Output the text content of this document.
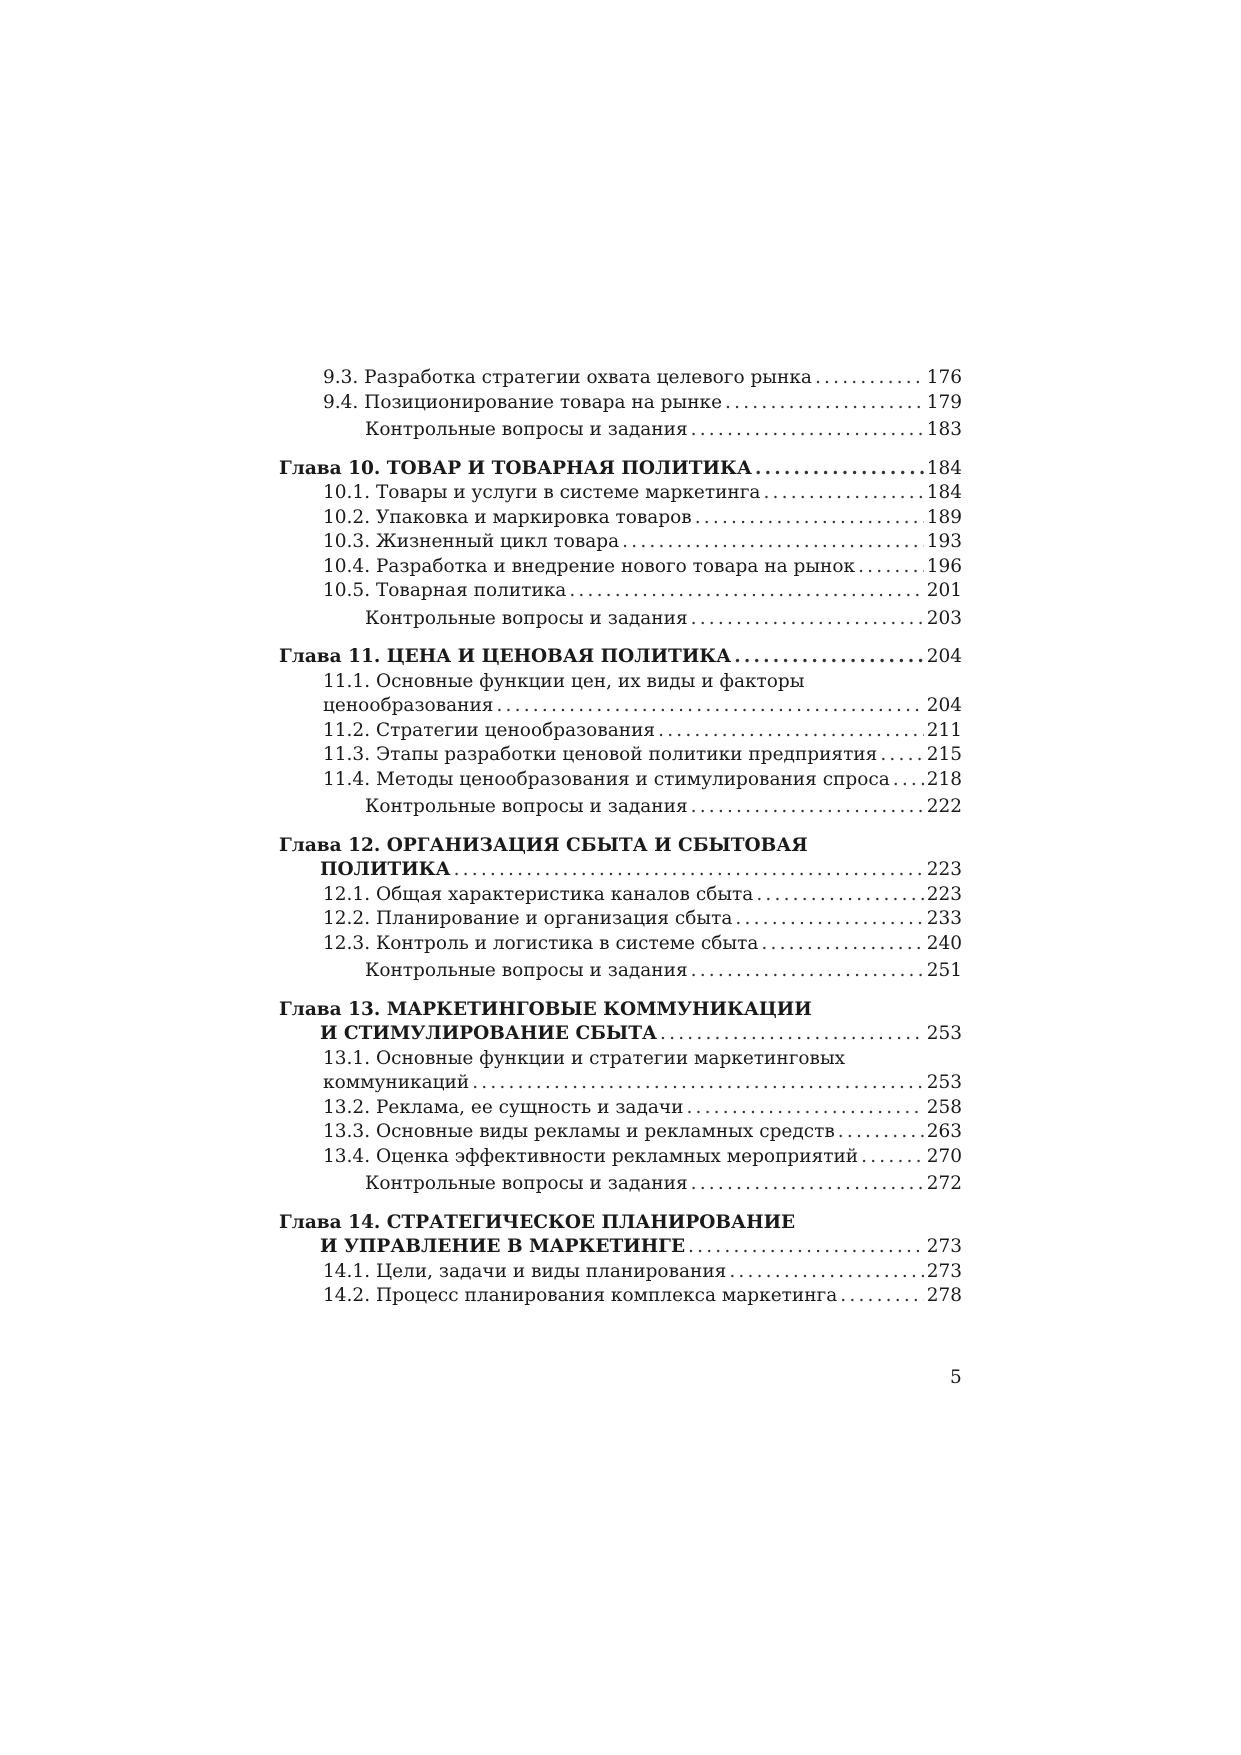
9.3. Разработка стратегии охвата целевого рынка .....	176
9.4. Позиционирование товара на рынке .....	179
Контрольные вопросы и задания .....	183
Глава 10. ТОВАР И ТОВАРНАЯ ПОЛИТИКА .....	184
10.1. Товары и услуги в системе маркетинга .....	184
10.2. Упаковка и маркировка товаров .....	189
10.3. Жизненный цикл товара .....	193
10.4. Разработка и внедрение нового товара на рынок .....	196
10.5. Товарная политика .....	201
Контрольные вопросы и задания .....	203
Глава 11. ЦЕНА И ЦЕНОВАЯ ПОЛИТИКА .....	204
11.1. Основные функции цен, их виды и факторы
ценообразования .....	204
11.2. Стратегии ценообразования .....	211
11.3. Этапы разработки ценовой политики предприятия .....	215
11.4. Методы ценообразования и стимулирования спроса ..... 218
Контрольные вопросы и задания .....	222
Глава 12. ОРГАНИЗАЦИЯ СБЫТА И СБЫТОВАЯ
ПОЛИТИКА .....	223
12.1. Общая характеристика каналов сбыта .....	223
12.2. Планирование и организация сбыта .....	233
12.3. Контроль и логистика в системе сбыта .....	240
Контрольные вопросы и задания .....	251
Глава 13. МАРКЕТИНГОВЫЕ КОММУНИКАЦИИ
И СТИМУЛИРОВАНИЕ СБЫТА .....	253
13.1. Основные функции и стратегии маркетинговых
коммуникаций .....	253
13.2. Реклама, ее сущность и задачи .....	258
13.3. Основные виды рекламы и рекламных средств .....	263
13.4. Оценка эффективности рекламных мероприятий .....	270
Контрольные вопросы и задания .....	272
Глава 14. СТРАТЕГИЧЕСКОЕ ПЛАНИРОВАНИЕ
И УПРАВЛЕНИЕ В МАРКЕТИНГЕ .....	273
14.1. Цели, задачи и виды планирования .....	273
14.2. Процесс планирования комплекса маркетинга .....	278
5
